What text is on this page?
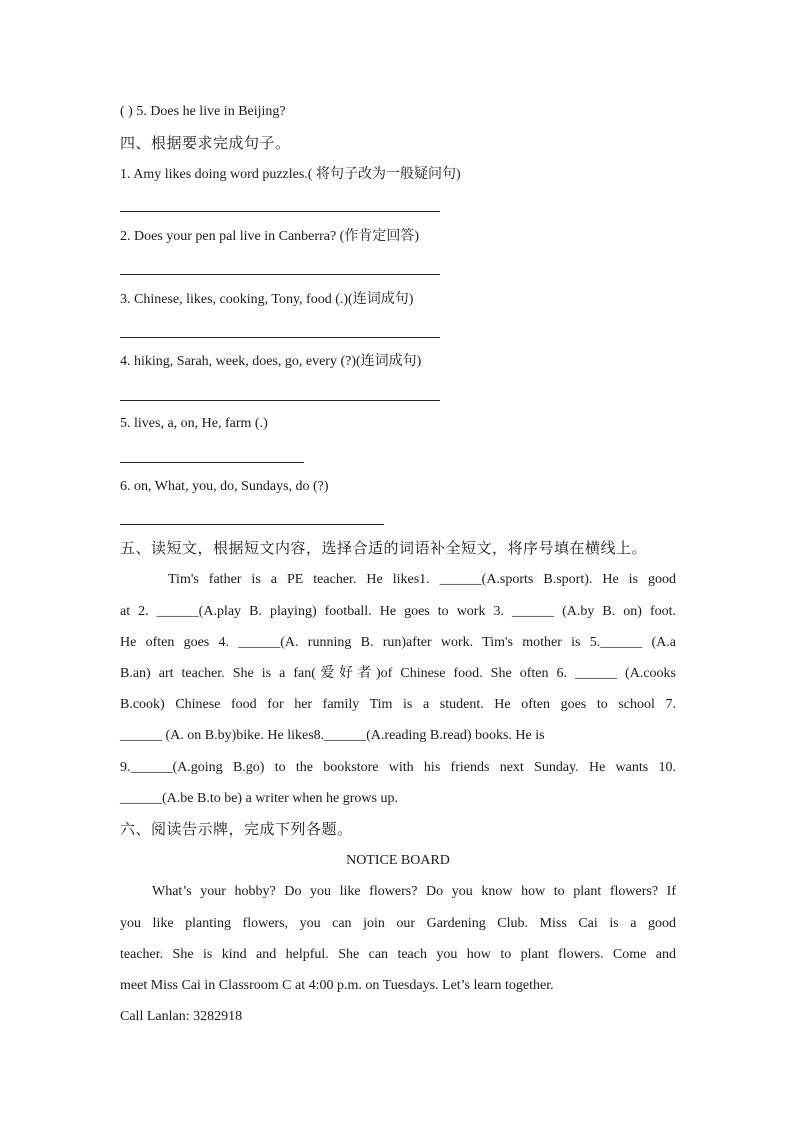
( ) 5. Does he live in Beijing?
四、根据要求完成句子。
1. Amy likes doing word puzzles.( 将句子改为一般疑问句)
2. Does your pen pal live in Canberra? (作肯定回答)
3. Chinese, likes, cooking, Tony, food (.)(连词成句)
4. hiking, Sarah, week, does, go, every (?)(连词成句)
5. lives, a, on, He, farm (.)
6. on, What, you, do, Sundays, do (?)
五、读短文，根据短文内容，选择合适的词语补全短文，将序号填在横线上。
Tim's father is a PE teacher. He likes1. ______(A.sports B.sport). He is good
at 2. ______(A.play B. playing) football. He goes to work 3. ______ (A.by B. on) foot.
He often goes 4. ______(A. running B. run)after work. Tim's mother is 5.______ (A.a
B.an) art teacher. She is a fan(爱好者)of Chinese food. She often 6. ______ (A.cooks
B.cook) Chinese food for her family Tim is a student. He often goes to school 7.
______ (A. on B.by)bike. He likes8.______(A.reading B.read) books. He is
9.______(A.going B.go) to the bookstore with his friends next Sunday. He wants 10.
______(A.be B.to be) a writer when he grows up.
六、阅读告示牌，完成下列各题。
NOTICE BOARD
What’s your hobby? Do you like flowers? Do you know how to plant flowers? If
you like planting flowers, you can join our Gardening Club. Miss Cai is a good
teacher. She is kind and helpful. She can teach you how to plant flowers. Come and
meet Miss Cai in Classroom C at 4:00 p.m. on Tuesdays. Let’s learn together.
Call Lanlan: 3282918
